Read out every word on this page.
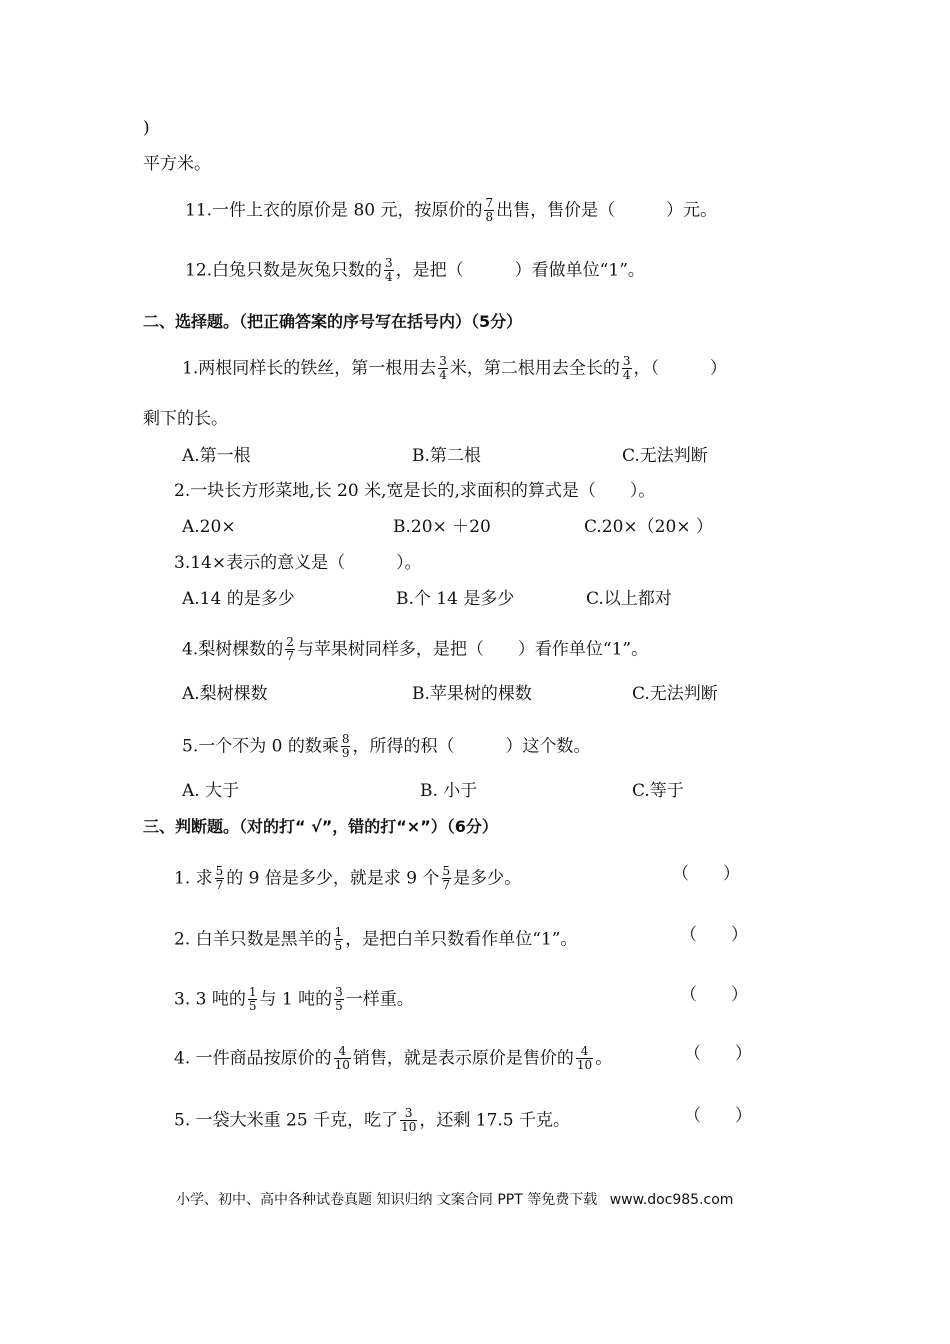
)
平方米。
11.一件上衣的原价是 80 元，按原价的 $\frac{7}{8}$ 出售，售价是（　　　）元。
12.白兔只数是灰兔只数的 $\frac{3}{4}$ ，是把（　　　）看做单位“1”。
二、选择题。（把正确答案的序号写在括号内）（5分）
1.两根同样长的铁丝，第一根用去 $\frac{3}{4}$ 米，第二根用去全长的 $\frac{3}{4}$ ，（　　　）
剩下的长。
A.第一根	B.第二根	C.无法判断
2.一块长方形菜地,长 20 米,宽是长的,求面积的算式是（　　）。
A.20×	B.20× ＋20	C.20×（20× ）
3.14×表示的意义是（　　　）。
A.14 的是多少	B.个 14 是多少	C.以上都对
4.梨树棵数的 $\frac{2}{7}$ 与苹果树同样多，是把（　　）看作单位“1”。
A.梨树棵数	B.苹果树的棵数	C.无法判断
5.一个不为 0 的数乘 $\frac{8}{9}$ ，所得的积（　　　）这个数。
A. 大于	B. 小于	C.等于
三、判断题。（对的打“ √”，错的打“×”）（6分）
1. 求 $\frac{5}{7}$ 的 9 倍是多少，就是求 9 个 $\frac{5}{7}$ 是多少。	（　　）
2. 白羊只数是黑羊的 $\frac{1}{5}$ ，是把白羊只数看作单位“1”。	（　　）
3. 3 吨的 $\frac{1}{5}$ 与 1 吨的 $\frac{3}{5}$ 一样重。	（　　）
4. 一件商品按原价的 $\frac{4}{10}$ 销售，就是表示原价是售价的 $\frac{4}{10}$ 。	（　　）
5. 一袋大米重 25 千克，吃了 $\frac{3}{10}$ ，还剩 17.5 千克。	（　　）
小学、初中、高中各种试卷真题 知识归纳 文案合同 PPT 等免费下载 www.doc985.com
